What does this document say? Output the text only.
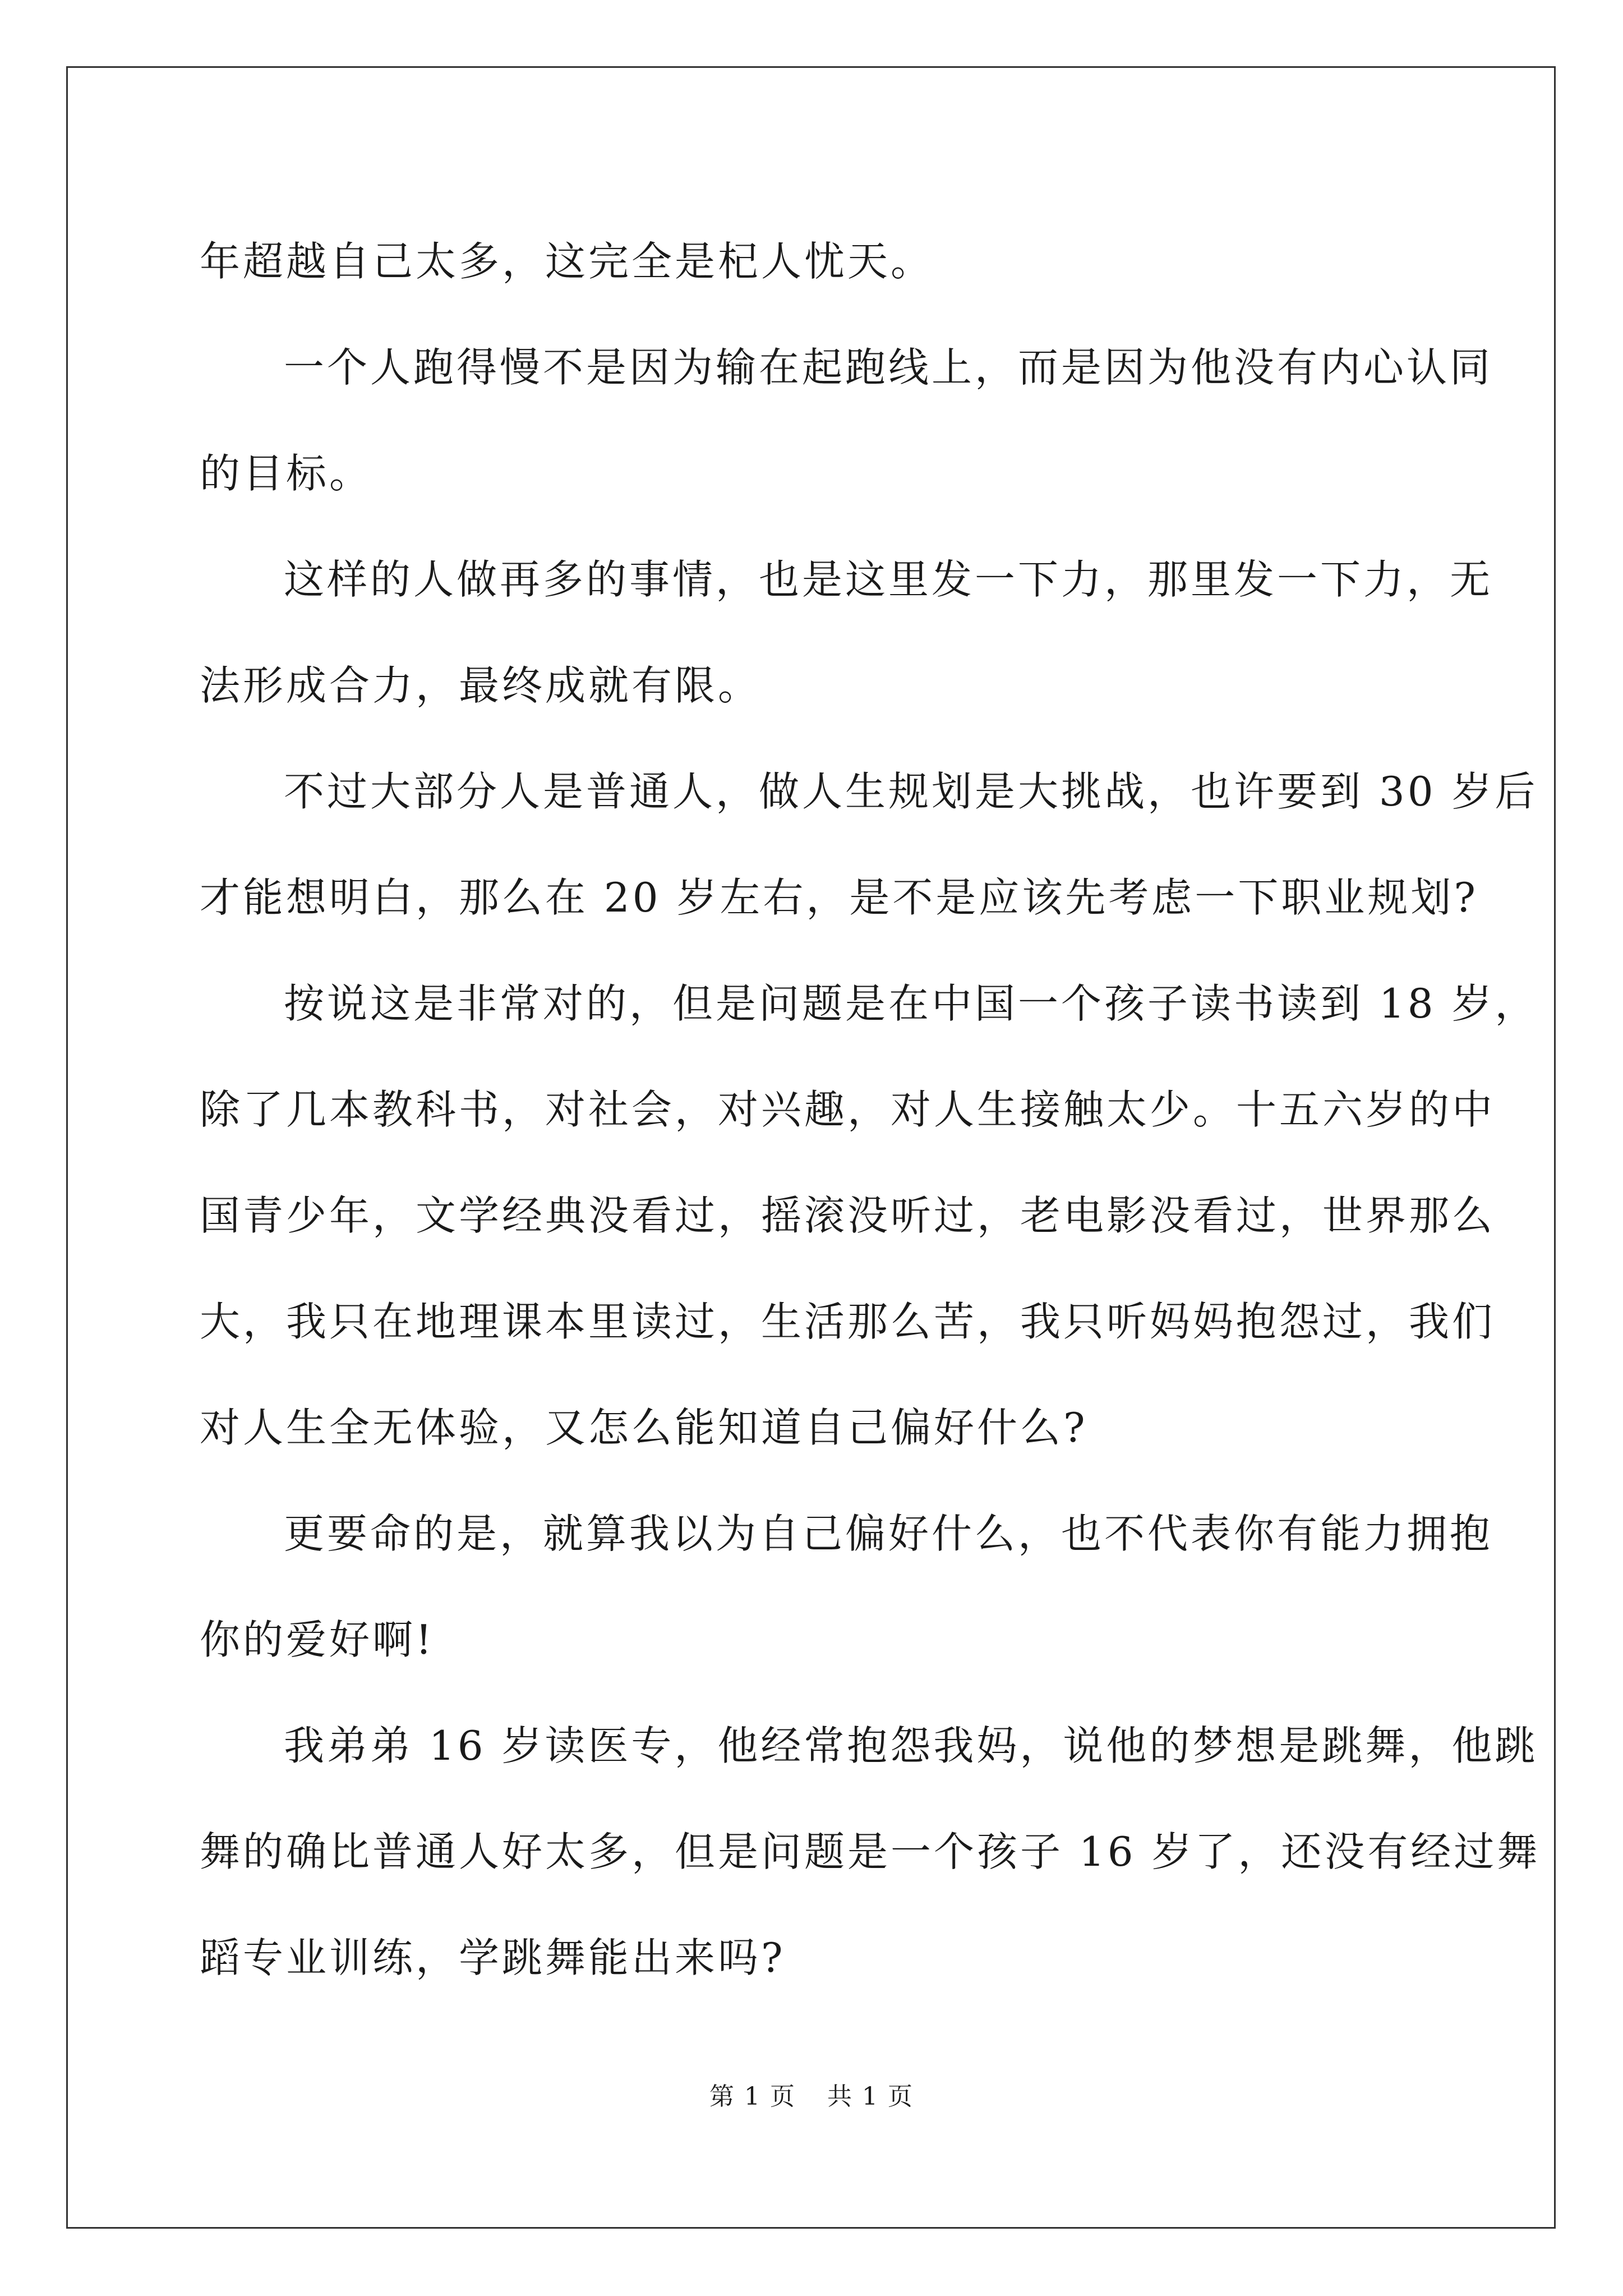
年超越自己太多，这完全是杞人忧天。
一个人跑得慢不是因为输在起跑线上，而是因为他没有内心认同
的目标。
这样的人做再多的事情，也是这里发一下力，那里发一下力，无
法形成合力，最终成就有限。
不过大部分人是普通人，做人生规划是大挑战，也许要到 30 岁后
才能想明白，那么在 20 岁左右，是不是应该先考虑一下职业规划?
按说这是非常对的，但是问题是在中国一个孩子读书读到 18 岁，
除了几本教科书，对社会，对兴趣，对人生接触太少。十五六岁的中
国青少年，文学经典没看过，摇滚没听过，老电影没看过，世界那么
大，我只在地理课本里读过，生活那么苦，我只听妈妈抱怨过，我们
对人生全无体验，又怎么能知道自己偏好什么?
更要命的是，就算我以为自己偏好什么，也不代表你有能力拥抱
你的爱好啊!
我弟弟 16 岁读医专，他经常抱怨我妈，说他的梦想是跳舞，他跳
舞的确比普通人好太多，但是问题是一个孩子 16 岁了，还没有经过舞
蹈专业训练，学跳舞能出来吗?
第 1 页 共 1 页
